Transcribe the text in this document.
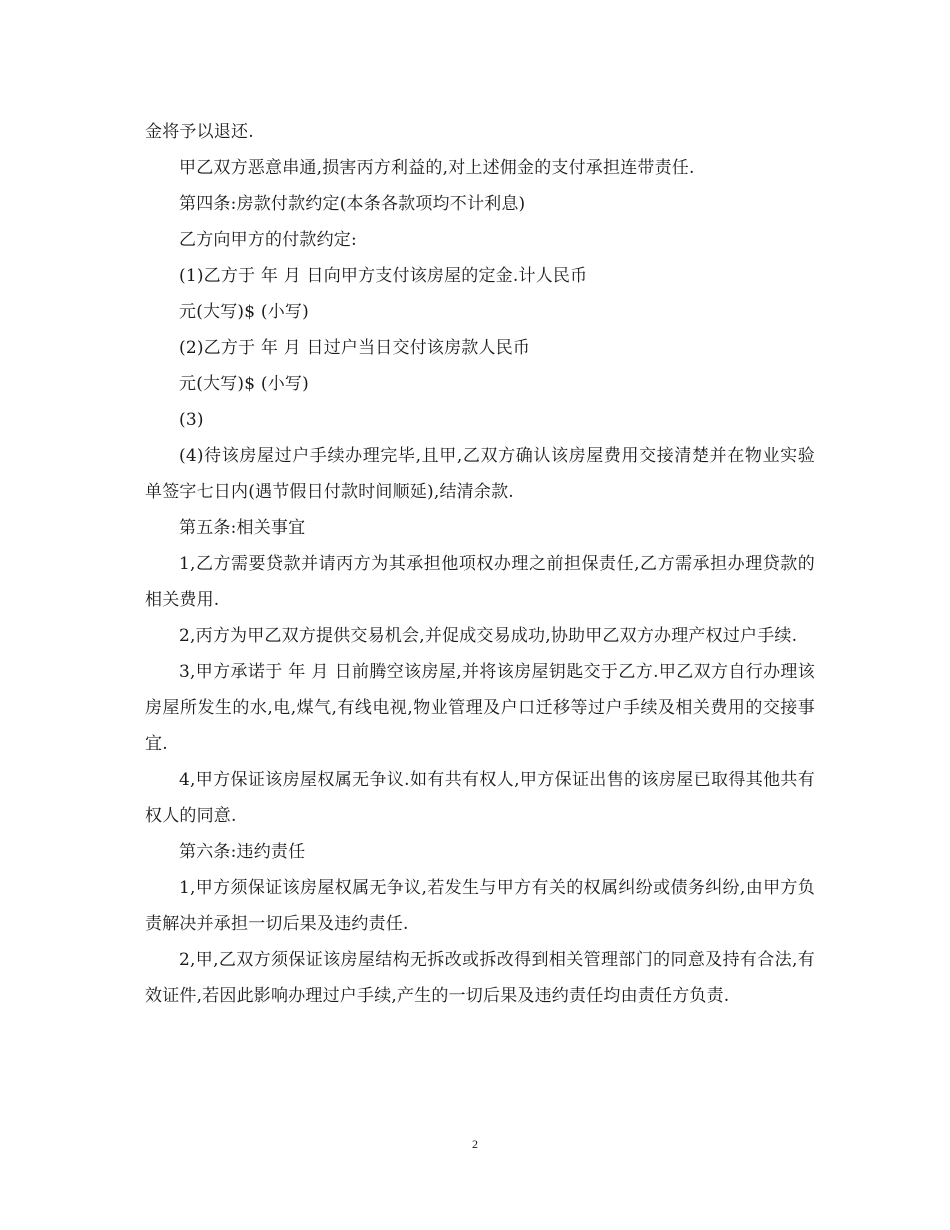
金将予以退还.

甲乙双方恶意串通,损害丙方利益的,对上述佣金的支付承担连带责任.

第四条:房款付款约定(本条各款项均不计利息)

乙方向甲方的付款约定:

(1)乙方于 年 月 日向甲方支付该房屋的定金.计人民币

元(大写)$ (小写)

(2)乙方于 年 月 日过户当日交付该房款人民币

元(大写)$ (小写)

(3)

(4)待该房屋过户手续办理完毕,且甲,乙双方确认该房屋费用交接清楚并在物业实验单签字七日内(遇节假日付款时间顺延),结清余款.

第五条:相关事宜

1,乙方需要贷款并请丙方为其承担他项权办理之前担保责任,乙方需承担办理贷款的相关费用.

2,丙方为甲乙双方提供交易机会,并促成交易成功,协助甲乙双方办理产权过户手续.

3,甲方承诺于 年 月 日前腾空该房屋,并将该房屋钥匙交于乙方.甲乙双方自行办理该房屋所发生的水,电,煤气,有线电视,物业管理及户口迁移等过户手续及相关费用的交接事宜.

4,甲方保证该房屋权属无争议.如有共有权人,甲方保证出售的该房屋已取得其他共有权人的同意.

第六条:违约责任

1,甲方须保证该房屋权属无争议,若发生与甲方有关的权属纠纷或债务纠纷,由甲方负责解决并承担一切后果及违约责任.

2,甲,乙双方须保证该房屋结构无拆改或拆改得到相关管理部门的同意及持有合法,有效证件,若因此影响办理过户手续,产生的一切后果及违约责任均由责任方负责.

2
